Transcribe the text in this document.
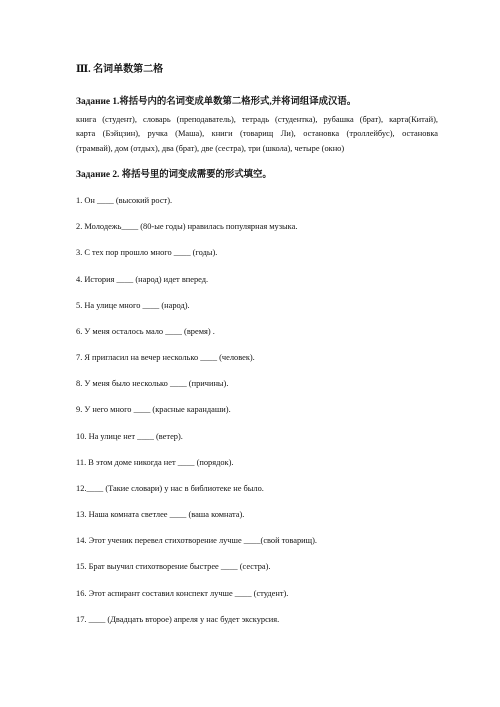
Ⅲ. 名词单数第二格
Задание 1.将括号内的名词变成单数第二格形式,并将词组译成汉语。
книга (студент), словарь (преподаватель), тетрадь (студентка), рубашка (брат), карта(Китай),
карта (Бэйцзин), ручка (Маша), книги (товарищ Ли), остановка (троллейбус), остановка
(трамвай), дом (отдых), два (брат), две (сестра), три (школа), четыре (окно)
Задание 2. 将括号里的词变成需要的形式填空。
1. Он ____ (высокий рост).
2. Молодежь____ (80-ые годы) нравилась популярная музыка.
3. С тех пор прошло много ____ (годы).
4. История ____ (народ) идет вперед.
5. На улице много ____ (народ).
6. У меня осталось мало ____ (время) .
7. Я пригласил на вечер несколько ____ (человек).
8. У меня было несколько ____ (причины).
9. У него много ____ (красные карандаши).
10. На улице нет ____ (ветер).
11. В этом доме никогда нет ____ (порядок).
12.____ (Такие словари) у нас в библиотеке не было.
13. Наша комната светлее ____ (ваша комната).
14. Этот ученик перевел стихотворение лучше ____(свой товарищ).
15. Брат выучил стихотворение быстрее ____ (сестра).
16. Этот аспирант составил конспект лучше ____ (студент).
17. ____ (Двадцать второе) апреля у нас будет экскурсия.
